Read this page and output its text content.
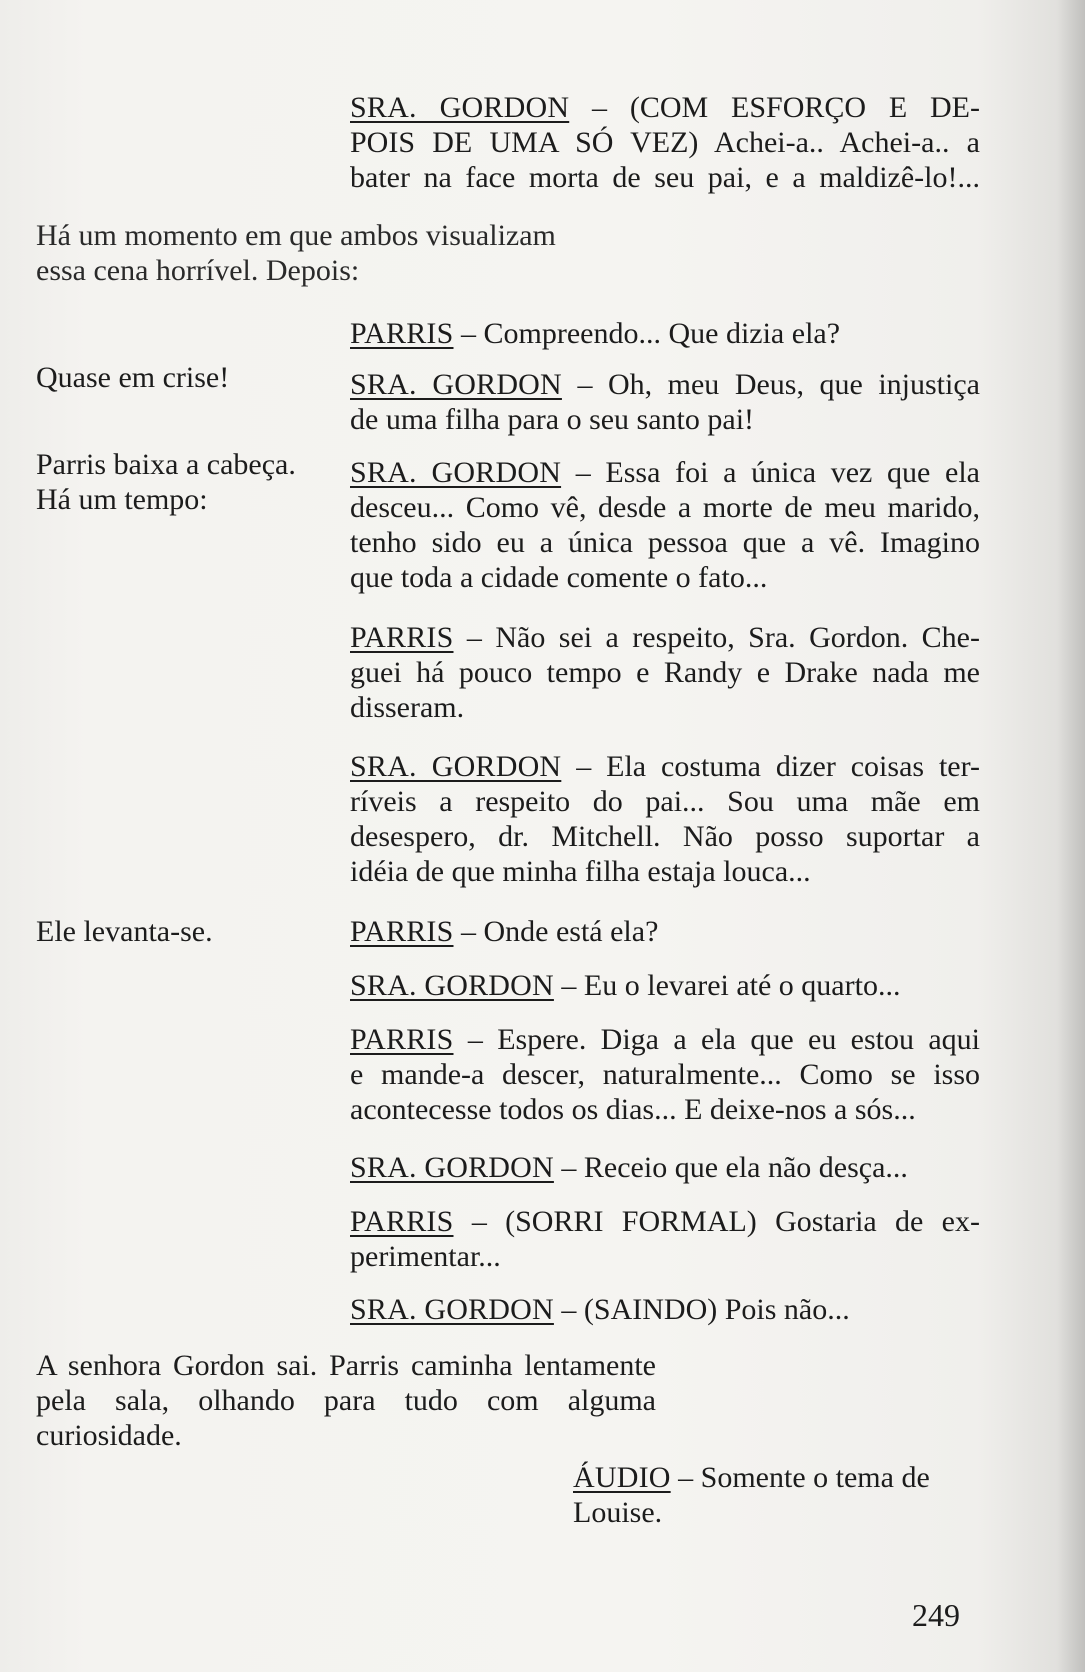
SRA. GORDON – (COM ESFORÇO E DE-
POIS DE UMA SÓ VEZ) Achei-a.. Achei-a.. a
bater na face morta de seu pai, e a maldizê-lo!...
Há um momento em que ambos visualizam
essa cena horrível. Depois:
PARRIS – Compreendo... Que dizia ela?
Quase em crise!	SRA. GORDON – Oh, meu Deus, que injustiça
de uma filha para o seu santo pai!
Parris baixa a cabeça.
Há um tempo:
SRA. GORDON – Essa foi a única vez que ela
desceu... Como vê, desde a morte de meu marido,
tenho sido eu a única pessoa que a vê. Imagino
que toda a cidade comente o fato...
PARRIS – Não sei a respeito, Sra. Gordon. Che-
guei há pouco tempo e Randy e Drake nada me
disseram.
SRA. GORDON – Ela costuma dizer coisas ter-
ríveis a respeito do pai... Sou uma mãe em
desespero, dr. Mitchell. Não posso suportar a
idéia de que minha filha estaja louca...
Ele levanta-se.	PARRIS – Onde está ela?
SRA. GORDON – Eu o levarei até o quarto...
PARRIS – Espere. Diga a ela que eu estou aqui
e mande-a descer, naturalmente... Como se isso
acontecesse todos os dias... E deixe-nos a sós...
SRA. GORDON – Receio que ela não desça...
PARRIS – (SORRI FORMAL) Gostaria de ex-
perimentar...
SRA. GORDON – (SAINDO) Pois não...
A senhora Gordon sai. Parris caminha lentamente
pela sala, olhando para tudo com alguma
curiosidade.
ÁUDIO – Somente o tema de
Louise.
249
